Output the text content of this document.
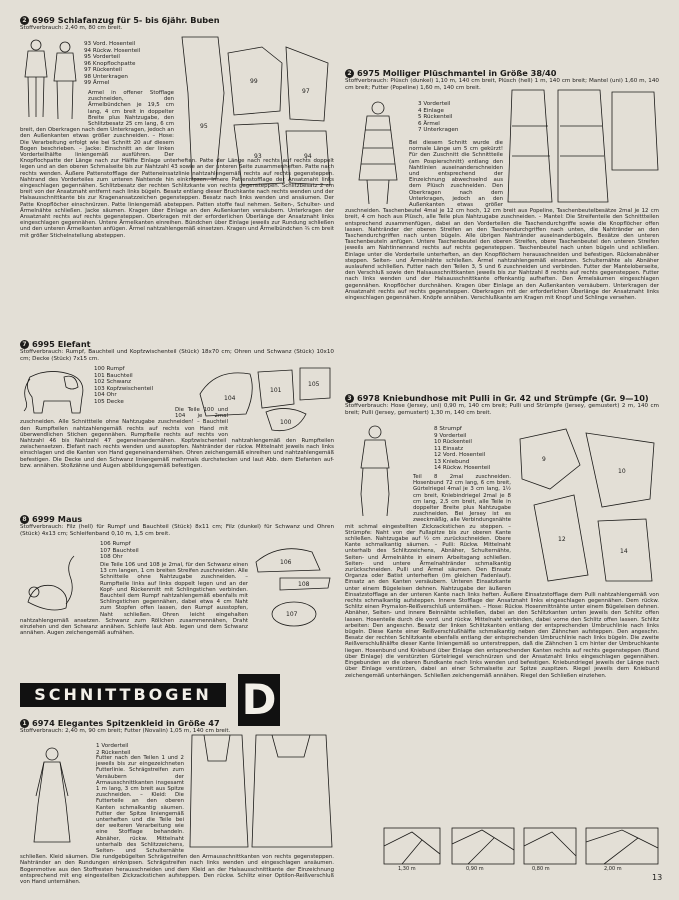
2 6969 Schlafanzug für 5- bis 6jähr. Buben

Stoffverbrauch: 2,40 m, 80 cm breit.

93 Vord. Hosenteil
94 Rückw. Hosenteil
95 Vorderteil
96 Knopflochpatte
97 Rückenteil
98 Unterkragen
99 Ärmel
95
99
97
93	94

Ärmel in offener Stofflage zuschneiden, den Ärmelbündchen je 19,5 cm lang, 4 cm breit in doppelter Breite plus Nahtzugabe, den Schlitzbesatz 25 cm lang, 6 cm breit, den Oberkragen nach dem Unterkragen, jedoch an den Außenkanten etwas größer zuschneiden. – Hose: Die Verarbeitung erfolgt wie bei Schnitt 20 auf diesem Bogen beschrieben. – Jacke: Einschnitt an der linken Vorderteilhälfte liniengemäß ausführen. Der Knopflochpatte der Länge nach zur Hälfte Einlage unterheften. Patte der Länge nach rechts auf rechts doppelt legen und an den oberen Schmalseite bis zur Nahtzahl 43 sowie an der unteren Seite zusammenheften. Patte nach rechts wenden. Äußere Pattenstofflage der Patteneinsatzlinie nahtzahlengemäß rechts auf rechts gegensteppen. Nahtrand des Vorderteiles zum unteren Nahtende hin einknipsen. Innere Pattenstofflage der Ansatznaht links eingeschlagen gegennähen. Schlitzbesatz der rechten Schlitzkante von rechts gegensteppen. Schlitzbesatz 2 cm breit von der Ansatznaht entfernt nach links bügeln. Besatz entlang dieser Bruchkante nach rechts wenden und der Halsausschnittkante bis zur Kragenansatzzeichen gegensteppen. Besatz nach links wenden und ansäumen. Der Patte Knopflöcher einschnürzen. Patte liniengemäß absteppen. Patten stoffe faul nehmen. Seiten-, Schulter- und Ärmelnähte schließen. Jacke säumen. Kragen über Einlage an den Außenkanten versäubern. Unterkragen der Ansatznaht rechts auf rechts gegensteppen. Oberkragen mit der erforderlichen Überlänge der Ansatznaht links eingeschlagen gegennähen. Untere Ärmelkanten einreihen. Bündchen über Einlage jeweils zur Rundung schließen und den unteren Ärmelkanten anfügen. Ärmel nahtzahlengemäß einsetzen. Kragen und Ärmelbündchen ¾ cm breit mit größer Stichelnstellung absteppen.

7 6995 Elefant

Stoffverbrauch: Rumpf, Bauchteil und Kopfzwischenteil (Stück) 18x70 cm; Ohren und Schwanz (Stück) 10x10 cm; Decke (Stück) 7x15 cm.

100 Rumpf
101 Bauchteil
102 Schwanz
103 Kopfzwischenteil
104 Ohr
105 Decke	104
101
105
100

Die Teile 100 und 104 je 2mal zuschneiden. Alle Schnittteile ohne Nahtzugabe zuschneiden! – Bauchteil den Rumpfteilen nahtzahlengemäß rechts auf rechts von Hand mit überwendlichen Stichen gegennähen. Rumpfteile rechts auf rechts von Nahtzahl 46 bis Nahtzahl 47 gegeneinandernähen. Kopfzwischenteil nahtzahlengemäß den Rumpfteilen zwischensetzen. Elefant nach rechts wenden und ausstopfen. Nahtränder der rückw. Mittelnaht jeweils nach links einschlagen und die Kanten von Hand gegeneinandernähen. Ohren zeichengemäß einreihen und nahtzahlengemäß befestigen. Die Decke und den Schwanz liniengemäß mehrmals durchstecken und laut Abb. dem Elefanten auf- bzw. annähen. Stoßzähne und Augen abbildungsgemäß befestigen.

8 6999 Maus

Stoffverbrauch: Filz (hell) für Rumpf und Bauchteil (Stück) 8x11 cm; Filz (dunkel) für Schwanz und Ohren (Stück) 4x13 cm; Schleifenband 0,10 m, 1,5 cm breit.

106 Rumpf
107 Bauchteil
108 Ohr
106
108
107

Die Teile 106 und 108 je 2mal, für den Schwanz einen 13 cm langen, 1 cm breiten Streifen zuschneiden. Alle Schnitteile ohne Nahtzugabe zuschneiden. – Rumpfteile links auf links doppelt legen und an der Kopf- und Rückenmitt mit Schlingstichen verbinden. Bauchteil dem Rumpf nahtzahlengemäß ebenfalls mit Schlingstichen gegennähen, dabei etwa 4 cm Naht zum Stopfen offen lassen, den Rumpf ausstopfen, Naht schließen. Ohren leicht eingehalten nahtzahlengemäß ansetzen. Schwanz zum Röllchen zusammennähen, Draht einziehen und den Schwanz annähen. Schleife laut Abb. legen und dem Schwanz annähen. Augen zeichengemäß aufnähen.

SCHNITTBOGEN D
1 6974 Elegantes Spitzenkleid in Größe 47

Stoffverbrauch: 2,40 m, 90 cm breit; Futter (Novalin) 1,05 m, 140 cm breit.

1 Vorderteil
2 Rückenteil

Futter nach den Teilen 1 und 2 jeweils bis zur eingezeichneten Futterlinie. Schrägstreifen zum Versäubern der Armausschnittkanten insgesamt 1 m lang, 3 cm breit aus Spitze zuschneiden. – Kleid: Die Futterteile an den oberen Kanten schmalkantig säumen. Futter der Spitze liniengemäß unterheften und die Teile bei der weiteren Verarbeitung wie eine Stofflage behandeln. Abnäher, rückw. Mittelnaht unterhalb des Schlitzzeichens, Seiten- und Schulternähte schließen. Kleid säumen. Die rundgebügelten Schrägstreifen den Armausschnittkanten von rechts gegensteppen. Nahtränder an den Rundungen einknipsen. Schrägstreifen nach links wenden und eingeschlagen ansäumen. Bogenmotive aus den Stoffresten herausschneiden und dem Kleid an der Halsausschnittkante der Einzeichnung entsprechend mit eng eingestellten Zickzackstichen aufsteppen. Den rückw. Schlitz einer Optilon-Reißverschluß von Hand unternähen.

2 6975 Molliger Plüschmantel in Größe 38/40

Stoffverbrauch: Plüsch (dunkel) 1,10 m, 140 cm breit, Plüsch (hell) 1 m, 140 cm breit; Mantel (uni) 1,60 m, 140 cm breit; Futter (Popeline) 1,60 m, 140 cm breit.

3 Vorderteil
4 Einlage
5 Rückenteil
6 Ärmel
7 Unterkragen

Bei diesem Schnitt wurde die normale Länge um 5 cm gekürzt! Für den Zuschnitt die Schnittteile (am Pospierschnitt) entlang den Nahtlinien auseinanderschneiden und entsprechend der Einzeichnung abwechselnd aus dem Plüsch zuschneiden. Den Oberkragen nach dem Unterkragen, jedoch an den Außenkanten etwas größer zuschneiden. Taschenbeutel 4mal je 12 cm hoch, 12 cm breit aus Popeline, Taschenbeutelbesätze 2mal je 12 cm breit, 4 cm hoch aus Plüsch, alle Teile plus Nahtzugabe zuschneiden. – Mantel: Die Streifenteile den Schnittteilen entsprechend zusammenfügen, dabei an den Vorderteilen die Taschendurchgriffe sowie die Knopflöcher offen lassen. Nahtränder der oberen Streifen an den Taschendurchgriffen nach unten, die Nahtränder an den Taschendurchgriffen nach unten bügeln. Alle übrigen Nahtränder auseinanderbügeln. Besätze den unteren Taschenbeuteln anfügen. Untere Taschenbeutel den oberen Streifen, obere Taschenbeutel den unteren Streifen jeweils am Nahtinnenrand rechts auf rechts gegensteppen. Taschenbeutel nach unten bügeln und schließen. Einlage unter die Vorderteile unterheften, an den Knopflöchern herausschneiden und befestigen. Rückenabnäher steppen. Seiten- und Ärmelnähte schließen. Ärmel nahtzahlengemäß einsetzen. Schulternähte als Abnäher auslaufend schließen. Futter nach den Teilen 3, 5 und 6 zuschneiden und verbinden. Futter der Manteloberseite, den Verschluß sowie den Halsausschnittkanten jeweils bis zur Nahtzahl 8 rechts auf rechts gegensteppen. Futter nach links wenden und der Halsausschnittkante offenkantig aufheften. Den Ärmelsäumen eingeschlagen gegennähen. Knopflöcher durchnähen. Kragen über Einlage an den Außenkanten versäubern. Unterkragen der Ansatznaht rechts auf rechts gegensteppen. Oberkragen mit der erforderlichen Überlänge der Ansatznaht links eingeschlagen gegennähen. Knöpfe annähen. Verschlußkante am Kragen mit Knopf und Schlinge versehen.

3 6978 Kniebundhose mit Pulli in Gr. 42 und Strümpfe (Gr. 9—10)

Stoffverbrauch: Hose (Jersey, uni) 0,90 m, 140 cm breit; Pulli und Strümpfe (Jersey, gemustert) 2 m, 140 cm breit; Pulli (Jersey, gemustert) 1,30 m, 140 cm breit.

8 Strumpf
9 Vorderteil
10 Rückenteil
11 Einsatz
12 Vord. Hosenteil
13 Kniebund
14 Rückw. Hosenteil
9
10
12
14

Teil 8 2mal zuschneiden. Hosenbund 72 cm lang, 6 cm breit, Gürtelriegel 4mal je 3 cm lang, 1½ cm breit, Kniebindriegel 2mal je 8 cm lang, 2,5 cm breit, alle Teile in doppelter Breite plus Nahtzugabe zuschneiden. Bei Jersey ist es zweckmäßig, alle Verbindungsnähte mit schmal eingestellten Zickzackstichen zu steppen. – Strümpfe: Naht von der Fußspitze bis zur oberen Kante schließen. Nahtzugabe auf ½ cm zurückschneiden. Obere Kante schmalkantig säumen. – Pulli: Rückw. Mittelnaht unterhalb des Schlitzzeichens, Abnäher, Schulternähte, Seiten- und Ärmelnähte in einem Arbeitsgang schließen. Seiten- und untere Ärmelnahtränder schmalkantig zurückschneiden. Pulli und Ärmel säumen. Den Einsatz Organza oder Batist unterheften (im gleichen Fadenlauf). Einsatz an den Kanten versäubern. Unteren Einsatzkante unter einem Bügeleisen dehnen. Nahtzugabe der äußeren Einsatzstofflage an der unteren Kante nach links heften. Äußere Einsatzstofflage dem Pulli nahtzahlengemäß von rechts schmalkantig aufsteppen. Innere Stofflage der Ansatznaht links eingeschlagen gegennähen. Dem rückw. Schlitz einen Prymalon-Reißverschluß unternähen. – Hose: Rückw. Hosenmittnähte unter einem Bügeleisen dehnen. Abnäher, Seiten- und innere Beinnähte schließen, dabei an den Schlitzkanten unten jeweils den Schlitz offen lassen. Hosenteile durch die vord. und rückw. Mittelnaht verbinden, dabei vorne den Schlitz offen lassen. Schlitz arbeiten: Den angeschn. Besatz der linken Schlitzkanten entlang der entsprechenden Umbruchlinie nach links bügeln. Diese Kante einer Reißverschlußhälfte schmalkantig neben den Zähnchen aufsteppen. Den angeschn. Besatz der rechten Schlitzkante ebenfalls entlang der entsprechenden Umbruchlinie nach links bügeln. Die zweite Reißverschlußhälfte dieser Kante liniengemäß so unterstreppen, daß die Zähnchen 1 cm hinter der Umbruchkante liegen. Hosenbund und Kniebund über Einlage den entsprechenden Kanten rechts auf rechts gegensteppen (Bund über Einlage) die verstürzten Gürtelriegel verschnürzen und der Ansatznaht links eingeschlagen gegennähen. Eingebunden an die oberen Bundkante nach links wenden und befestigen. Kniebundriegel jeweils der Länge nach über Einlage verstürzen, dabei an einer Schmalseite zur Spitze zuspitzen. Riegel jeweils dem Kniebund zeichengemäß unterhängen. Schließen zeichengemäß annähen. Riegel den Schließen einziehen.

1,30 m	0,90 m	0,80 m	2,00 m
13
